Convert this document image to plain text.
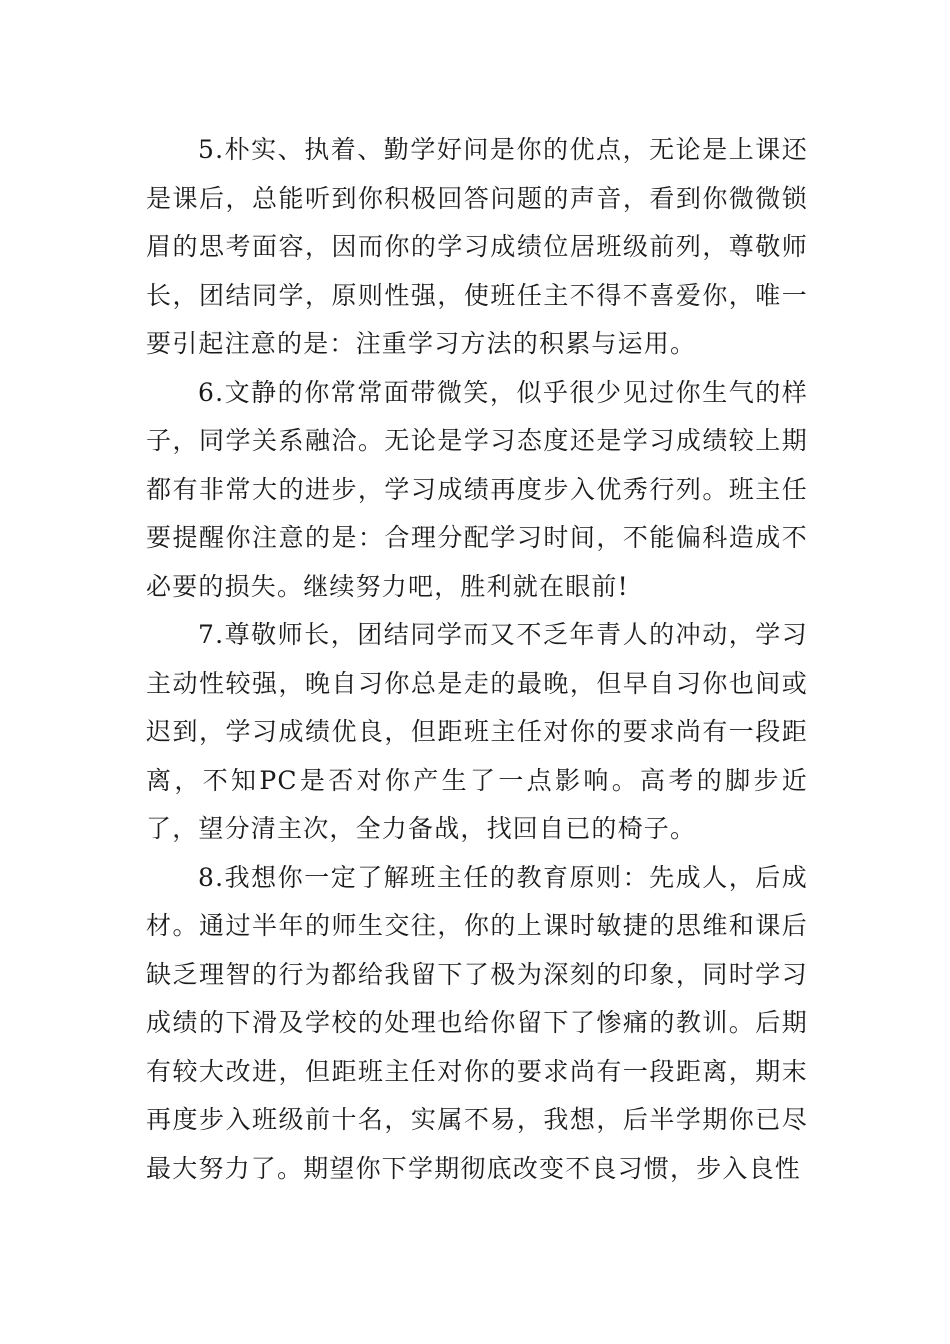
5.朴实、执着、勤学好问是你的优点，无论是上课还是课后，总能听到你积极回答问题的声音，看到你微微锁眉的思考面容，因而你的学习成绩位居班级前列，尊敬师长，团结同学，原则性强，使班任主不得不喜爱你，唯一要引起注意的是：注重学习方法的积累与运用。

6.文静的你常常面带微笑，似乎很少见过你生气的样子，同学关系融洽。无论是学习态度还是学习成绩较上期都有非常大的进步，学习成绩再度步入优秀行列。班主任要提醒你注意的是：合理分配学习时间，不能偏科造成不必要的损失。继续努力吧，胜利就在眼前!

7.尊敬师长，团结同学而又不乏年青人的冲动，学习主动性较强，晚自习你总是走的最晚，但早自习你也间或迟到，学习成绩优良，但距班主任对你的要求尚有一段距离，不知PC是否对你产生了一点影响。高考的脚步近了，望分清主次，全力备战，找回自已的椅子。

8.我想你一定了解班主任的教育原则：先成人，后成材。通过半年的师生交往，你的上课时敏捷的思维和课后缺乏理智的行为都给我留下了极为深刻的印象，同时学习成绩的下滑及学校的处理也给你留下了惨痛的教训。后期有较大改进，但距班主任对你的要求尚有一段距离，期末再度步入班级前十名，实属不易，我想，后半学期你已尽最大努力了。期望你下学期彻底改变不良习惯，步入良性
